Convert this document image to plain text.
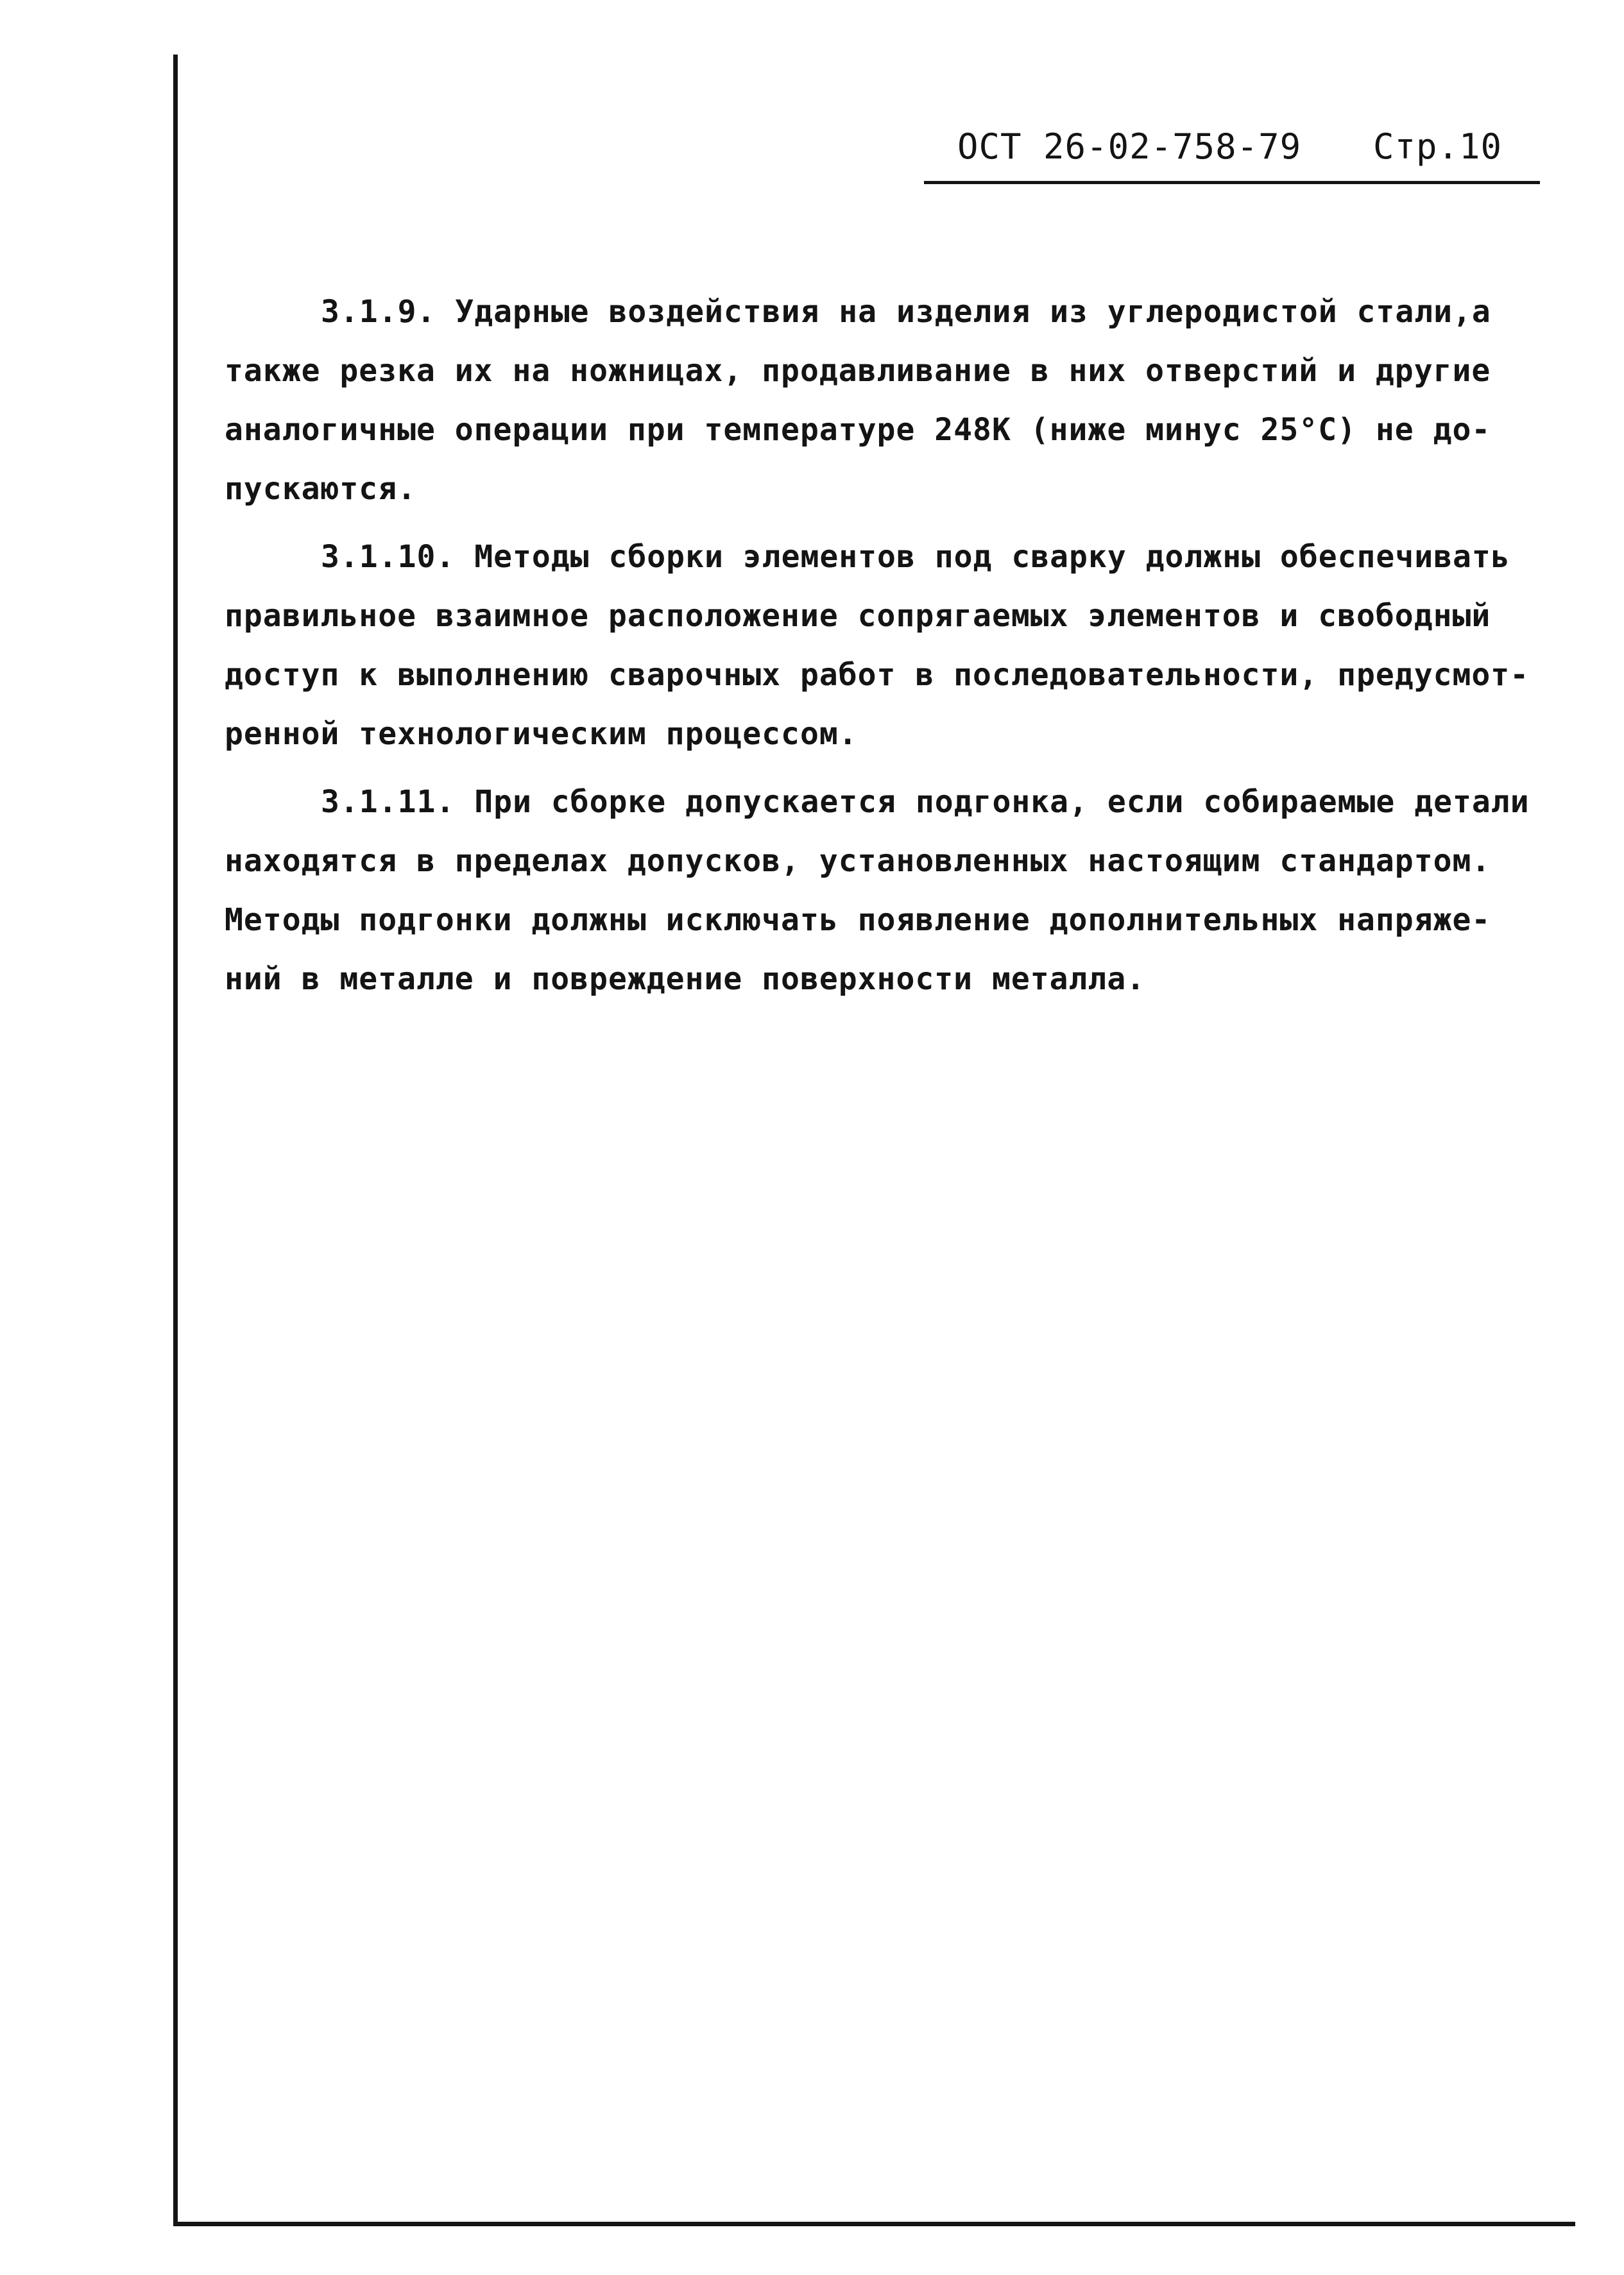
ОСТ 26-02-758-79 Стр.10

3.1.9. Ударные воздействия на изделия из углеродистой стали,а
также резка их на ножницах, продавливание в них отверстий и другие
аналогичные операции при температуре 248К (ниже минус 25°С) не до-
пускаются.

3.1.10. Методы сборки элементов под сварку должны обеспечивать
правильное взаимное расположение сопрягаемых элементов и свободный
доступ к выполнению сварочных работ в последовательности, предусмот-
ренной технологическим процессом.

3.1.11. При сборке допускается подгонка, если собираемые детали
находятся в пределах допусков, установленных настоящим стандартом.
Методы подгонки должны исключать появление дополнительных напряже-
ний в металле и повреждение поверхности металла.
